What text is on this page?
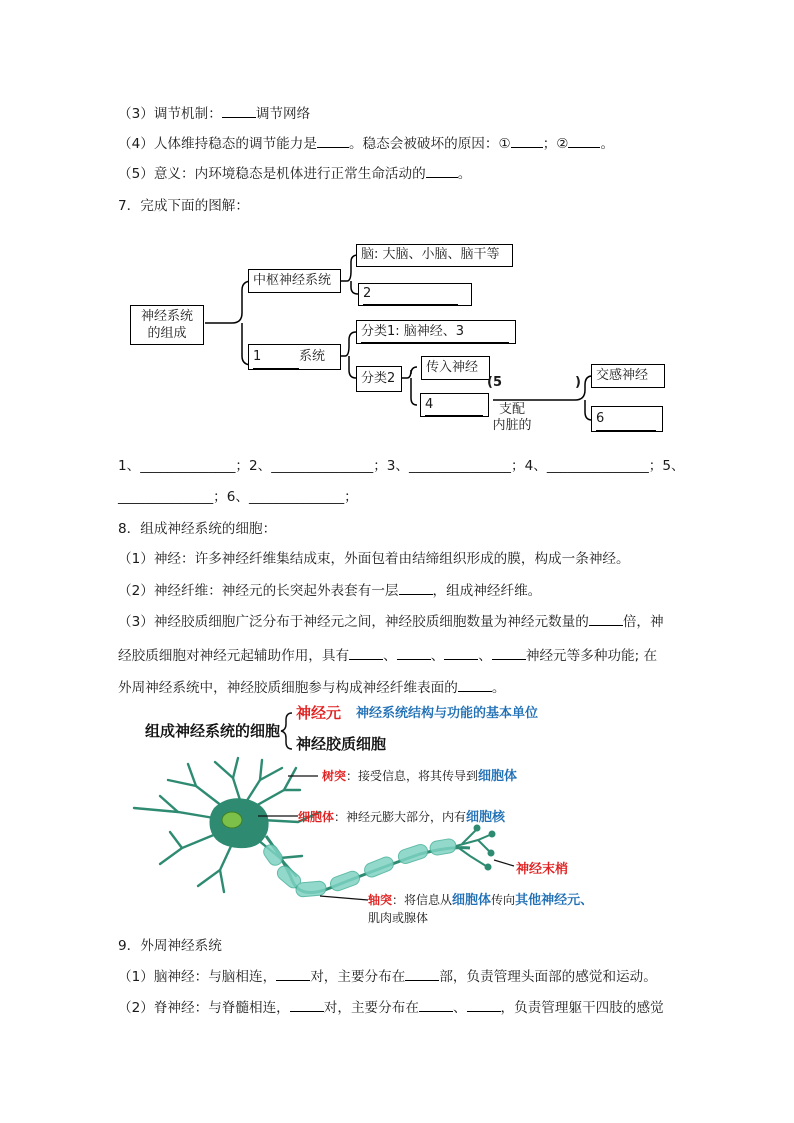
（3）调节机制：	调节网络
（4）人体维持稳态的调节能力是 。稳态会被破坏的原因：① ；② 。
（5）意义：内环境稳态是机体进行正常生命活动的 。
7．完成下面的图解：
神经系统
的组成
中枢神经系统
脑: 大脑、小脑、脑干等
2
1	系统
分类1: 脑神经、3
分类2
传入神经
4
(5	)
支配
内脏的
交感神经
6
1、______________；2、_______________；3、_______________；4、_______________；5、
______________；6、______________；
8．组成神经系统的细胞：
（1）神经：许多神经纤维集结成束，外面包着由结缔组织形成的膜，构成一条神经。
（2）神经纤维：神经元的长突起外表套有一层	，组成神经纤维。
（3）神经胶质细胞广泛分布于神经元之间，神经胶质细胞数量为神经元数量的	倍，神
经胶质细胞对神经元起辅助作用，具有	、	、	、	神经元等多种功能; 在
外周神经系统中，神经胶质细胞参与构成神经纤维表面的	。
组成神经系统的细胞
神经元 神经系统结构与功能的基本单位
神经胶质细胞
树突：接受信息，将其传导到细胞体
细胞体：神经元膨大部分，内有细胞核
神经末梢
轴突：将信息从细胞体传向其他神经元、
肌肉或腺体
9．外周神经系统
（1）脑神经：与脑相连，	对，主要分布在	部，负责管理头面部的感觉和运动。
（2）脊神经：与脊髓相连，	对，主要分布在	、	，负责管理躯干四肢的感觉
